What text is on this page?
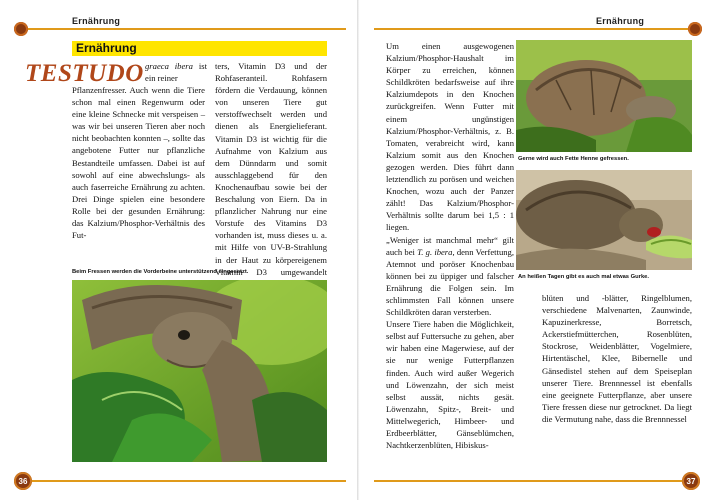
Ernährung
Ernährung
TESTUDO graeca ibera ist ein reiner

Pflanzenfresser. Auch wenn die Tiere schon mal einen Regenwurm oder eine kleine Schnecke mit verspeisen – was wir bei unseren Tieren aber noch nicht beobachten konnten –, sollte das angebotene Futter nur pflanzliche Bestandteile umfassen. Dabei ist auf sowohl auf eine abwechslungs- als auch faserreiche Ernährung zu achten. Drei Dinge spielen eine besondere Rolle bei der gesunden Ernährung: das Kalzium/Phosphor-Verhältnis des Fut-

ters, Vitamin D3 und der Rohfaseranteil. Rohfasern fördern die Verdauung, können von unseren Tiere gut verstoffwechselt werden und dienen als Energielieferant. Vitamin D3 ist wichtig für die Aufnahme von Kalzium aus dem Dünndarm und somit ausschlaggebend für den Knochenaufbau sowie bei der Beschalung von Eiern. Da in pflanzlicher Nahrung nur eine Vorstufe des Vitamins D3 vorhanden ist, muss dieses u. a. mit Hilfe von UV-B-Strahlung in der Haut zu körpereigenem Vitamin D3 umgewandelt

Beim Fressen werden die Vorderbeine unterstützend eingesetzt.
36
Ernährung

Um einen ausgewogenen Kalzium/Phosphor-Haushalt im Körper zu erreichen, können Schildkröten bedarfsweise auf ihre Kalziumdepots in den Knochen zurückgreifen. Wenn Futter mit einem ungünstigen Kalzium/Phosphor-Verhältnis, z. B. Tomaten, verabreicht wird, kann Kalzium somit aus den Knochen gezogen werden. Dies führt dann letztendlich zu porösen und weichen Knochen, wozu auch der Panzer zählt! Das Kalzium/Phosphor-Verhältnis sollte darum bei 1,5 : 1 liegen.

„Weniger ist manchmal mehr“ gilt auch bei T. g. ibera, denn Verfettung, Atemnot und poröser Knochenbau können bei zu üppiger und falscher Ernährung die Folgen sein. Im schlimmsten Fall können unsere Schildkröten daran versterben.

Unsere Tiere haben die Möglichkeit, selbst auf Futtersuche zu gehen, aber wir haben eine Magerwiese, auf der sie nur wenige Futterpflanzen finden. Auch wird außer Wegerich und Löwenzahn, der sich meist selbst aussät, nichts gesät. Löwenzahn, Spitz-, Breit- und Mittelwegerich, Himbeer- und Erdbeerblätter, Gänseblümchen, Nachtkerzenblüten, Hibiskus-

Gerne wird auch Fette Henne gefressen.
An heißen Tagen gibt es auch mal etwas Gurke.

blüten und -blätter, Ringelblumen, verschiedene Malvenarten, Zaunwinde, Kapuzinerkresse, Borretsch, Ackerstiefmütterchen, Rosenblüten, Stockrose, Weidenblätter, Vogelmiere, Hirtentäschel, Klee, Bibernelle und Gänsedistel stehen auf dem Speiseplan unserer Tiere. Brennnessel ist ebenfalls eine geeignete Futterpflanze, aber unsere Tiere fressen diese nur getrocknet. Da liegt die Vermutung nahe, dass die Brennnessel

37
